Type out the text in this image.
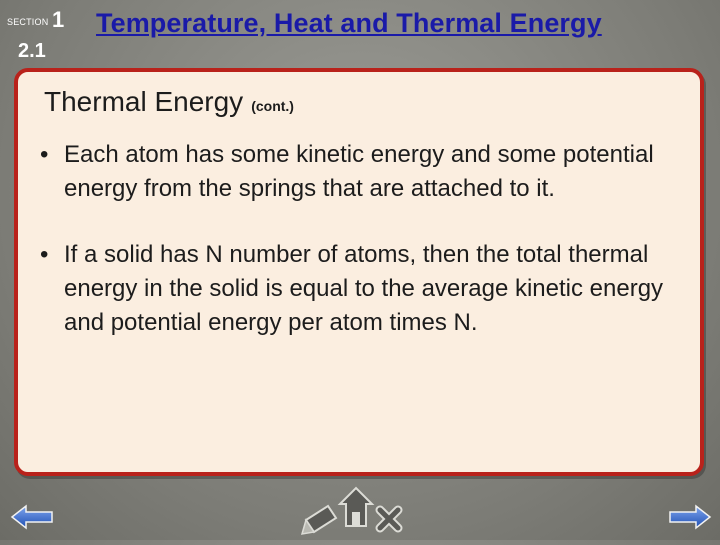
SECTION 1
2.1
Temperature, Heat and Thermal Energy
Thermal Energy (cont.)
• Each atom has some kinetic energy and some potential energy from the springs that are attached to it.
• If a solid has N number of atoms, then the total thermal energy in the solid is equal to the average kinetic energy and potential energy per atom times N.
